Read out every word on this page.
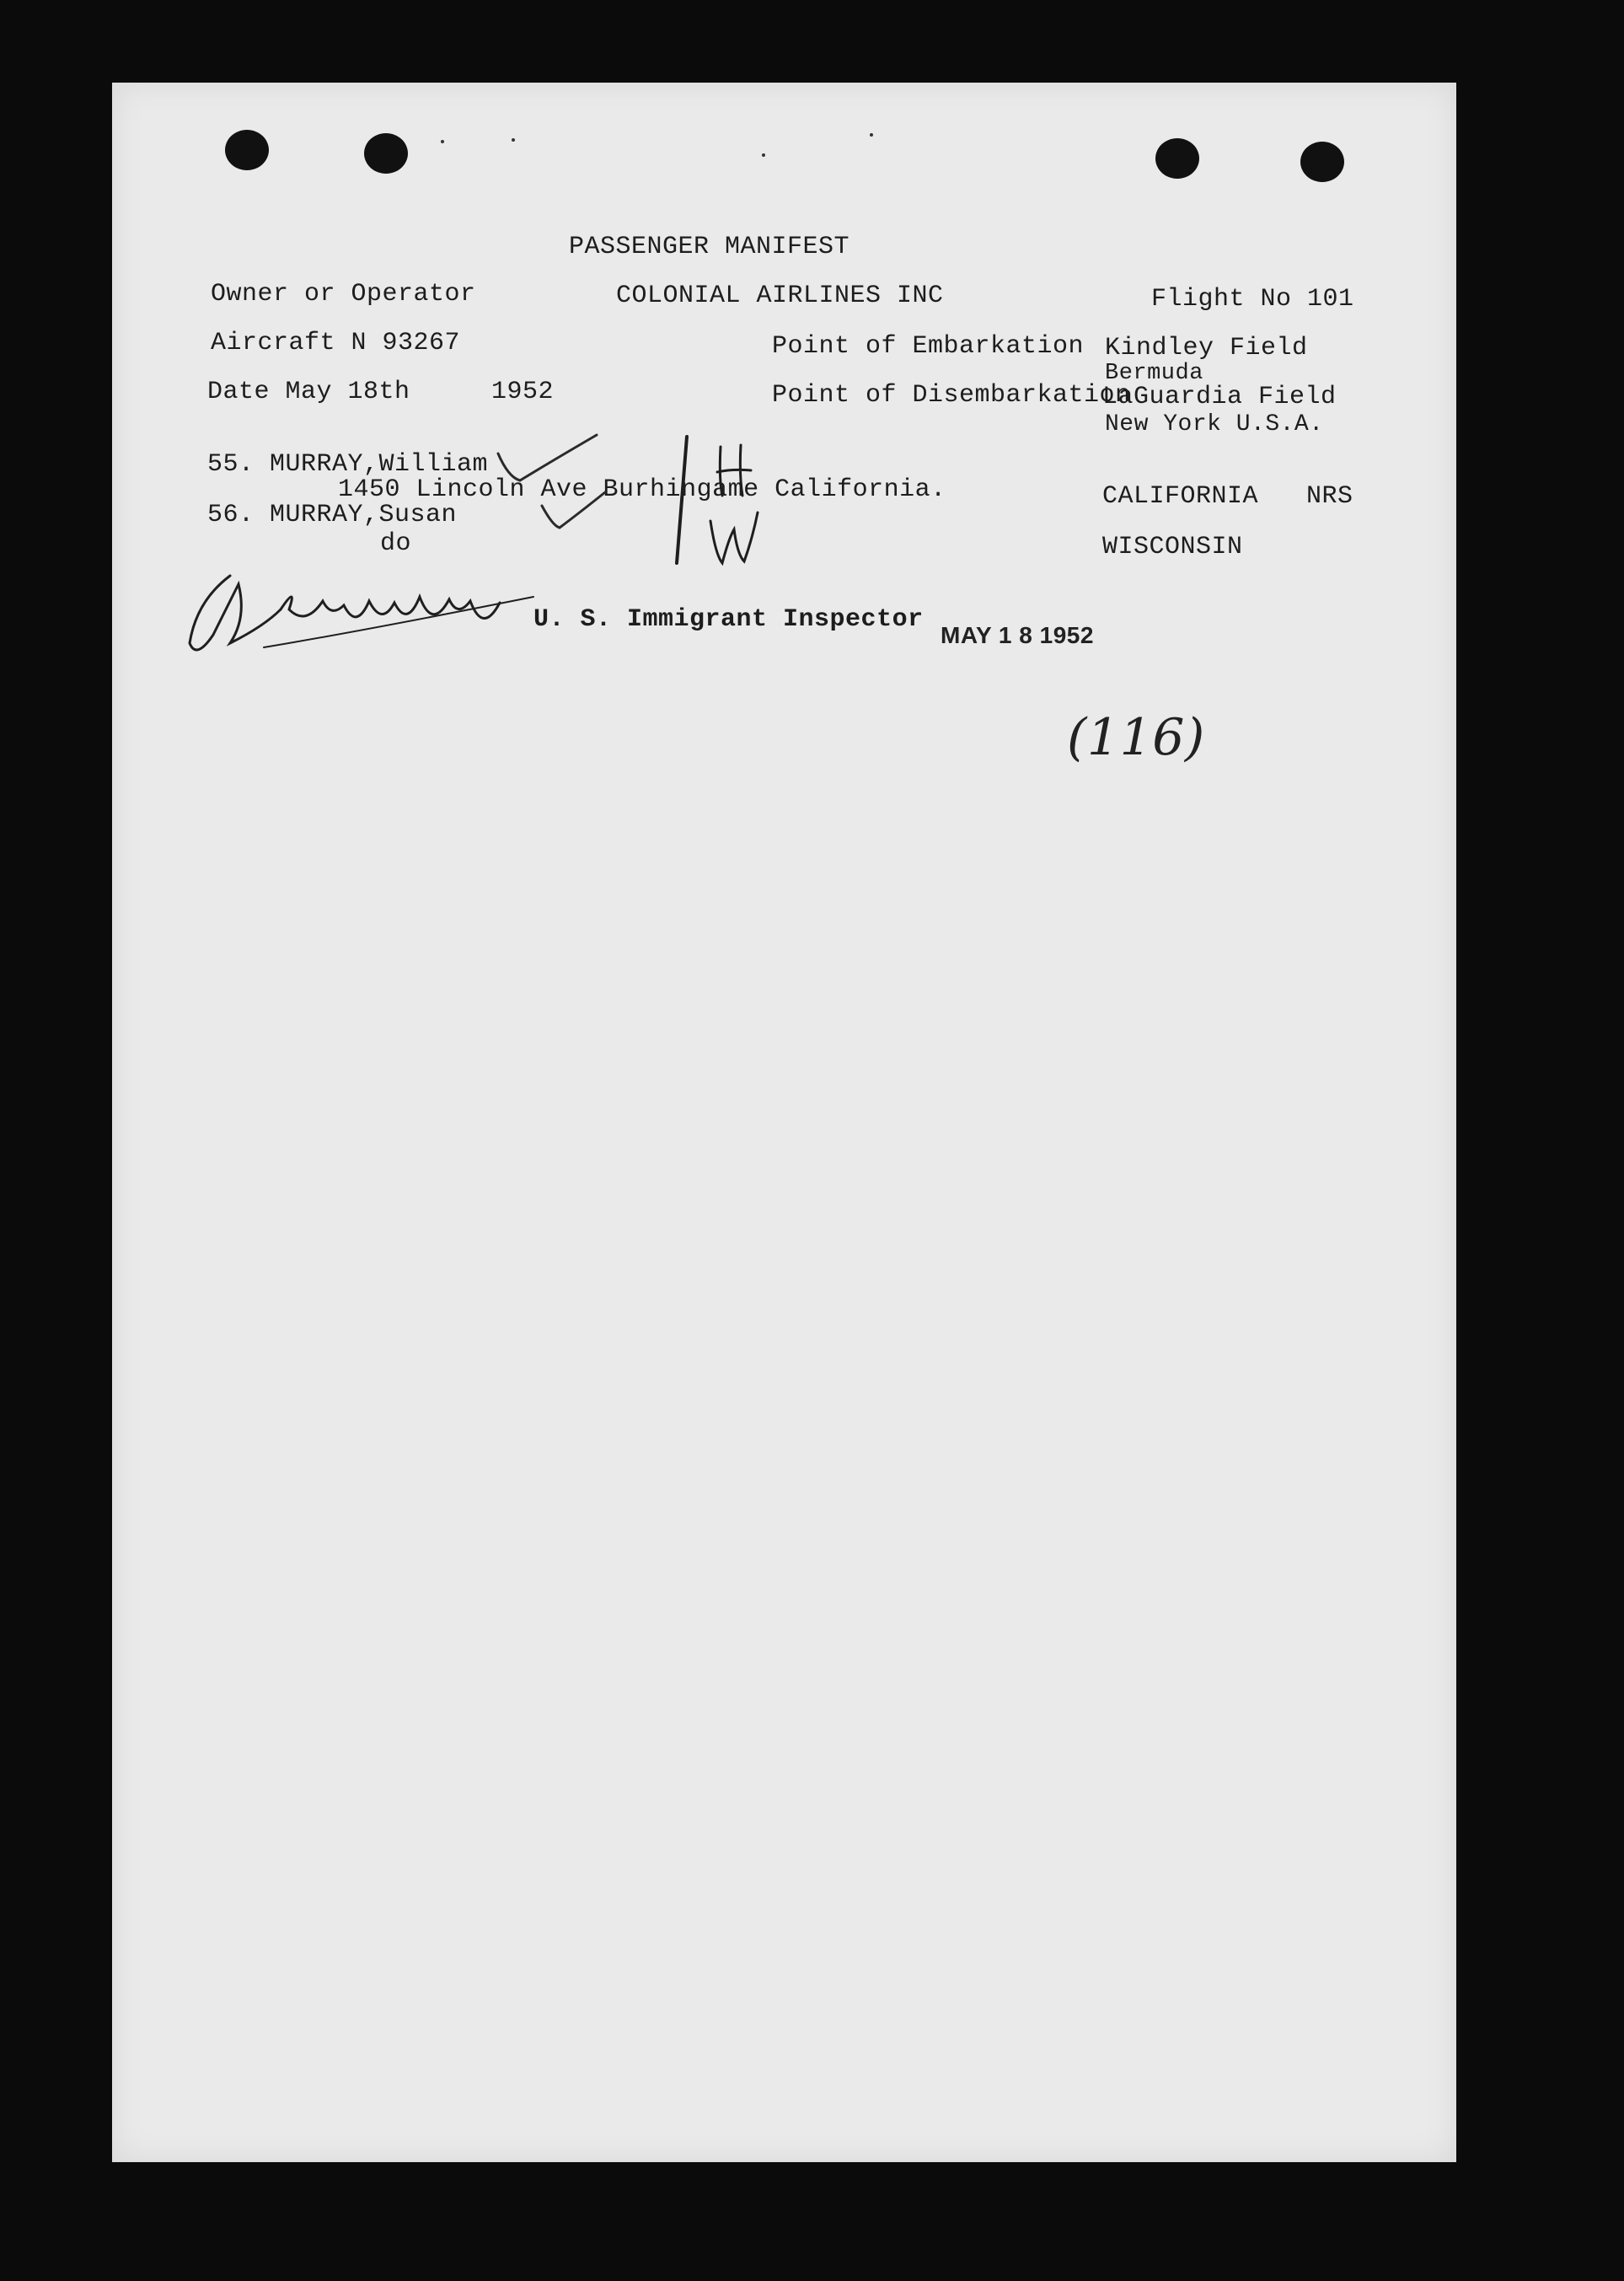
PASSENGER MANIFEST
Owner or Operator	COLONIAL AIRLINES INC	Flight No 101
Aircraft N 93267	Point of Embarkation Kindley Field
Bermuda
Date May 18th	1952	Point of Disembarkation
LaGuardia Field
New York U.S.A.
55. MURRAY,William
1450 Lincoln Ave Burhingame California.	CALIFORNIA NRS
56. MURRAY,Susan
do	WISCONSIN
U. S. Immigrant Inspector
MAY 1 8 1952
(116)
